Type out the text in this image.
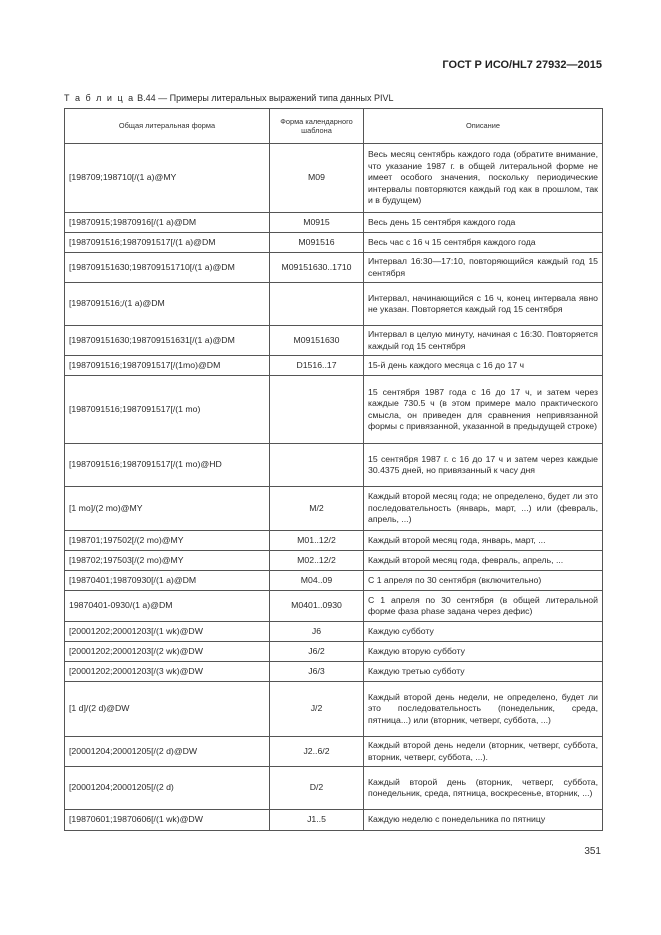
ГОСТ Р ИСО/HL7 27932—2015
Т а б л и ц а B.44 — Примеры литеральных выражений типа данных PIVL
Общая литеральная форма	Форма календарного шаблона	Описание
[198709;198710[/(1 a)@MY	M09	Весь месяц сентябрь каждого года (обратите внимание, что указание 1987 г. в общей литеральной форме не имеет особого значения, поскольку периодические интервалы повторяются каждый год как в прошлом, так и в будущем)
[19870915;19870916[/(1 a)@DM	M0915	Весь день 15 сентября каждого года
[1987091516;1987091517[/(1 a)@DM	M091516	Весь час с 16 ч 15 сентября каждого года
[198709151630;198709151710[/(1 a)@DM	M09151630..1710	Интервал 16:30—17:10, повторяющийся каждый год 15 сентября
[1987091516;/(1 a)@DM		Интервал, начинающийся с 16 ч, конец интервала явно не указан. Повторяется каждый год 15 сентября
[198709151630;198709151631[/(1 a)@DM	M09151630	Интервал в целую минуту, начиная с 16:30. Повторяется каждый год 15 сентября
[1987091516;1987091517[/(1mo)@DM	D1516..17	15-й день каждого месяца с 16 до 17 ч
[1987091516;1987091517[/(1 mo)		15 сентября 1987 года с 16 до 17 ч, и затем через каждые 730.5 ч (в этом примере мало практического смысла, он приведен для сравнения непривязанной формы с привязанной, указанной в предыдущей строке)
[1987091516;1987091517[/(1 mo)@HD		15 сентября 1987 г. с 16 до 17 ч и затем через каждые 30.4375 дней, но привязанный к часу дня
[1 mo]/(2 mo)@MY	M/2	Каждый второй месяц года; не определено, будет ли это последовательность (январь, март, ...) или (февраль, апрель, ...)
[198701;197502[/(2 mo)@MY	M01..12/2	Каждый второй месяц года, январь, март, ...
[198702;197503[/(2 mo)@MY	M02..12/2	Каждый второй месяц года, февраль, апрель, ...
[19870401;19870930[/(1 a)@DM	M04..09	С 1 апреля по 30 сентября (включительно)
19870401-0930/(1 a)@DM	M0401..0930	С 1 апреля по 30 сентября (в общей литеральной форме фаза phase задана через дефис)
[20001202;20001203[/(1 wk)@DW	J6	Каждую субботу
[20001202;20001203[/(2 wk)@DW	J6/2	Каждую вторую субботу
[20001202;20001203[/(3 wk)@DW	J6/3	Каждую третью субботу
[1 d]/(2 d)@DW	J/2	Каждый второй день недели, не определено, будет ли это последовательность (понедельник, среда, пятница...) или (вторник, четверг, суббота, ...)
[20001204;20001205[/(2 d)@DW	J2..6/2	Каждый второй день недели (вторник, четверг, суббота, вторник, четверг, суббота, ...).
[20001204;20001205[/(2 d)	D/2	Каждый второй день (вторник, четверг, суббота, понедельник, среда, пятница, воскресенье, вторник, ...)
[19870601;19870606[/(1 wk)@DW	J1..5	Каждую неделю с понедельника по пятницу
351
